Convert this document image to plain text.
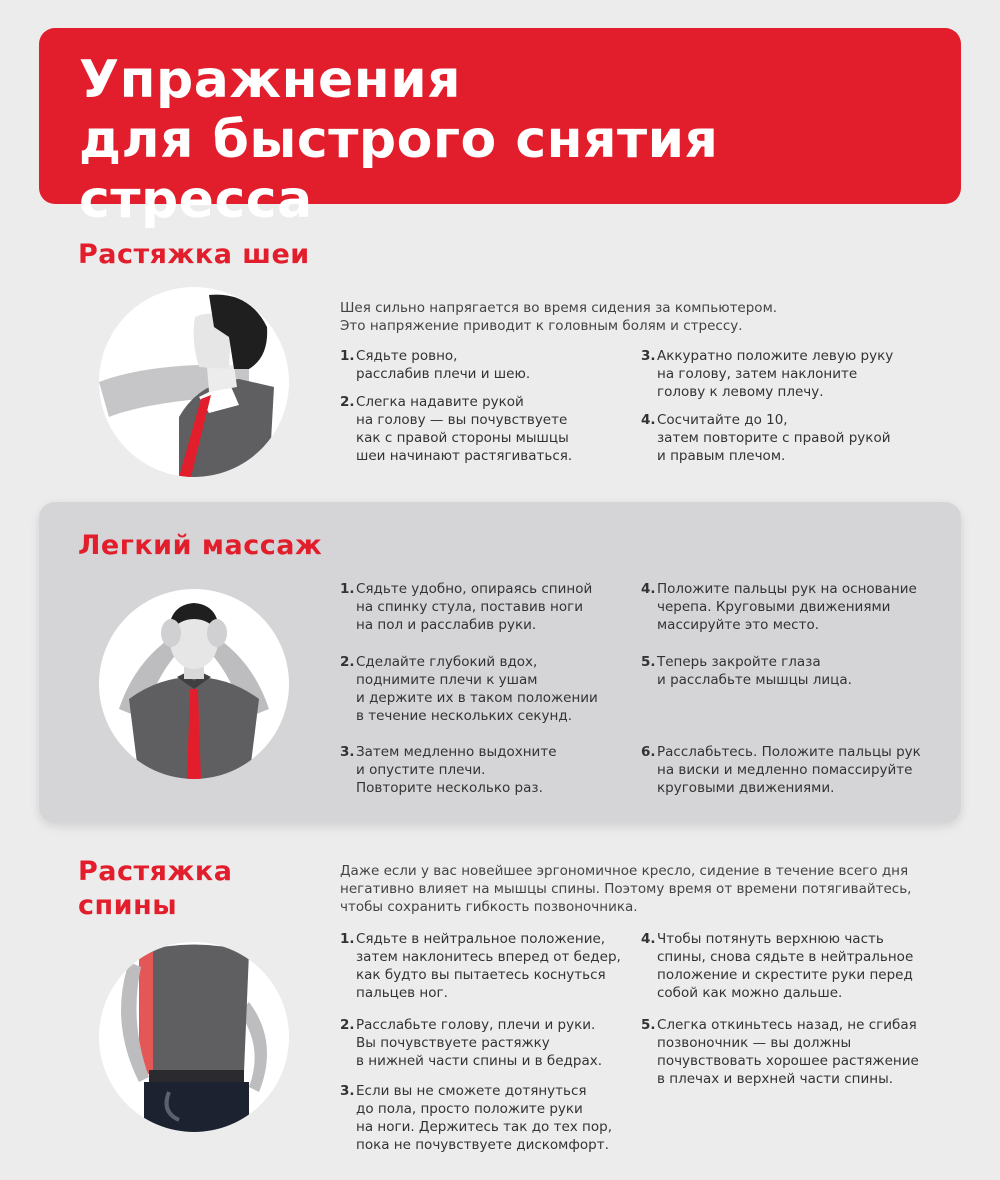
Упражнения
для быстрого снятия стресса
Растяжка шеи

Шея сильно напрягается во время сидения за компьютером.
Это напряжение приводит к головным болям и стрессу.

1. Сядьте ровно,
расслабив плечи и шею.
2. Слегка надавите рукой
на голову — вы почувствуете
как с правой стороны мышцы
шеи начинают растягиваться.
3. Аккуратно положите левую руку
на голову, затем наклоните
голову к левому плечу.
4. Сосчитайте до 10,
затем повторите с правой рукой
и правым плечом.
Легкий массаж
1. Сядьте удобно, опираясь спиной
на спинку стула, поставив ноги
на пол и расслабив руки.
2. Сделайте глубокий вдох,
поднимите плечи к ушам
и держите их в таком положении
в течение нескольких секунд.
3. Затем медленно выдохните
и опустите плечи.
Повторите несколько раз.
4. Положите пальцы рук на основание
черепа. Круговыми движениями
массируйте это место.
5. Теперь закройте глаза
и расслабьте мышцы лица.
6. Расслабьтесь. Положите пальцы рук
на виски и медленно помассируйте
круговыми движениями.
Растяжка
спины

Даже если у вас новейшее эргономичное кресло, сидение в течение всего дня
негативно влияет на мышцы спины. Поэтому время от времени потягивайтесь,
чтобы сохранить гибкость позвоночника.

1. Сядьте в нейтральное положение,
затем наклонитесь вперед от бедер,
как будто вы пытаетесь коснуться
пальцев ног.
2. Расслабьте голову, плечи и руки.
Вы почувствуете растяжку
в нижней части спины и в бедрах.
3. Если вы не сможете дотянуться
до пола, просто положите руки
на ноги. Держитесь так до тех пор,
пока не почувствуете дискомфорт.
4. Чтобы потянуть верхнюю часть
спины, снова сядьте в нейтральное
положение и скрестите руки перед
собой как можно дальше.
5. Слегка откиньтесь назад, не сгибая
позвоночник — вы должны
почувствовать хорошее растяжение
в плечах и верхней части спины.
